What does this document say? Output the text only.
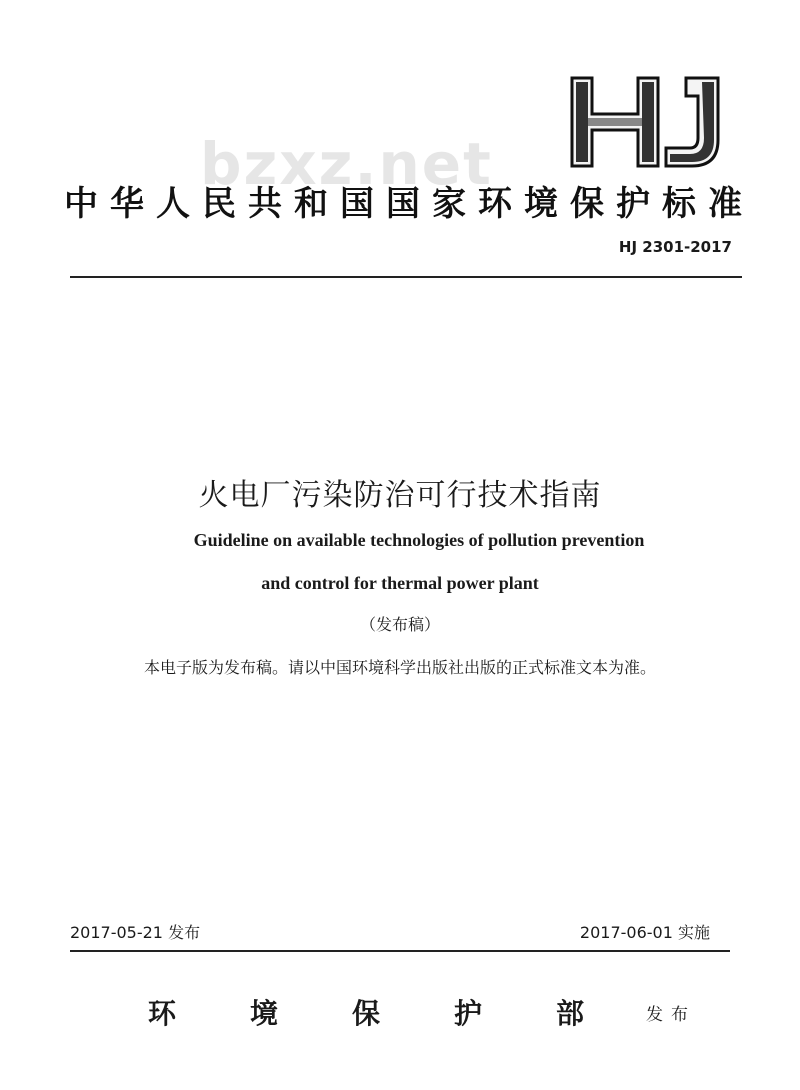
bzxz.net
中华人民共和国国家环境保护标准
HJ 2301-2017
火电厂污染防治可行技术指南
Guideline on available technologies of pollution prevention
and control for thermal power plant
（发布稿）
本电子版为发布稿。请以中国环境科学出版社出版的正式标准文本为准。
2017-05-21 发布	2017-06-01 实施
环	境	保	护	部	发布
